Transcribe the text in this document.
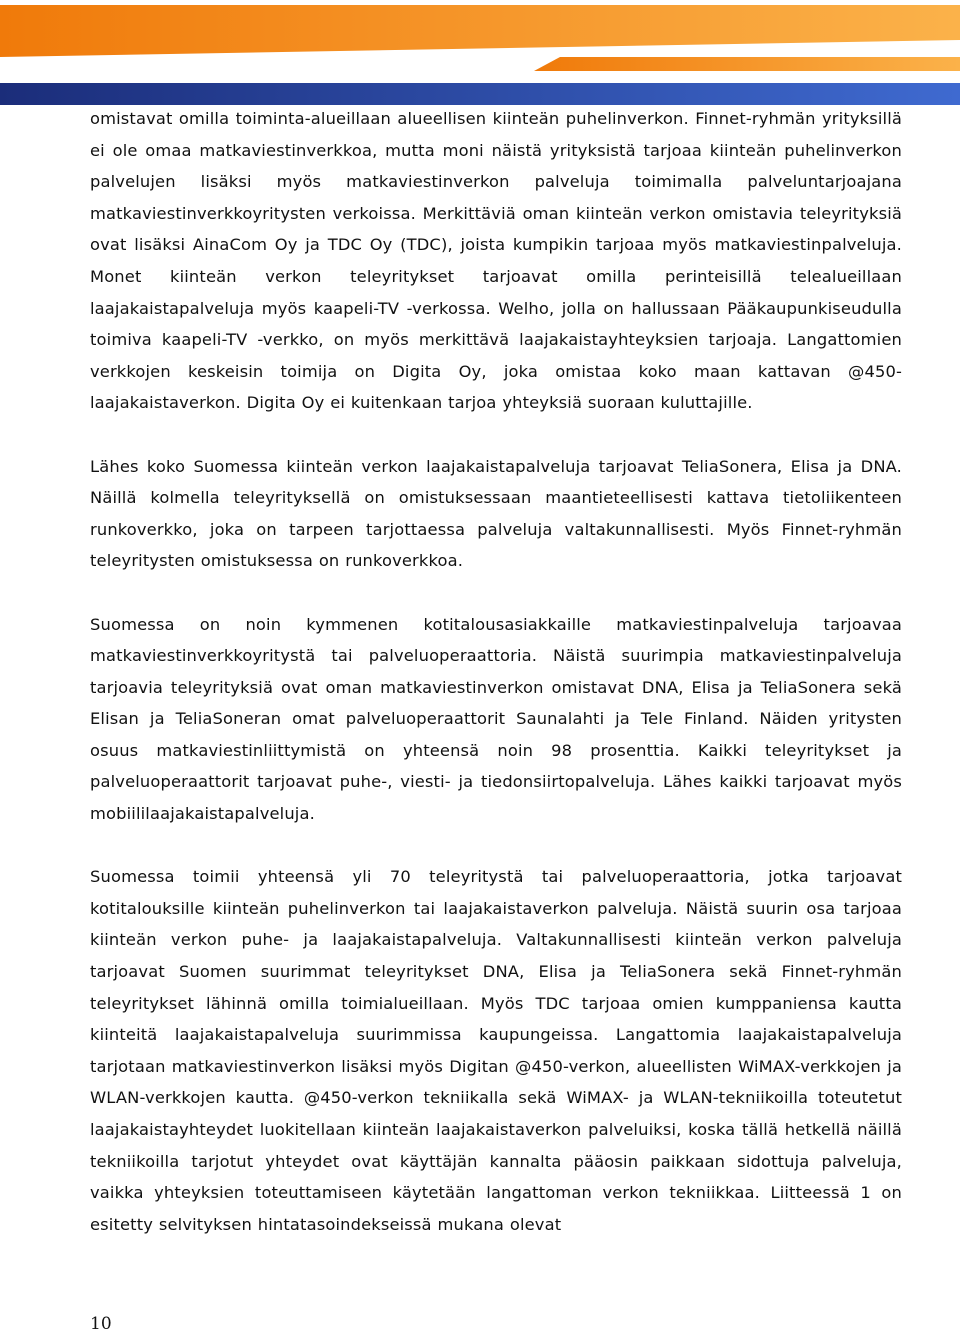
omistavat omilla toiminta-alueillaan alueellisen kiinteän puhelinverkon. Finnet-ryhmän yrityksillä ei ole omaa matkaviestinverkkoa, mutta moni näistä yrityksistä tarjoaa kiinteän puhelinverkon palvelujen lisäksi myös matkaviestinverkon palveluja toimimalla palveluntarjoajana matkaviestinverkkoyritysten verkoissa. Merkittäviä oman kiinteän verkon omistavia teleyrityksiä ovat lisäksi AinaCom Oy ja TDC Oy (TDC), joista kumpikin tarjoaa myös matkaviestinpalveluja. Monet kiinteän verkon teleyritykset tarjoavat omilla perinteisillä telealueillaan laajakaistapalveluja myös kaapeli-TV -verkossa. Welho, jolla on hallussaan Pääkaupunkiseudulla toimiva kaapeli-TV -verkko, on myös merkittävä laajakaistayhteyksien tarjoaja. Langattomien verkkojen keskeisin toimija on Digita Oy, joka omistaa koko maan kattavan @450-laajakaistaverkon. Digita Oy ei kuitenkaan tarjoa yhteyksiä suoraan kuluttajille.

Lähes koko Suomessa kiinteän verkon laajakaistapalveluja tarjoavat TeliaSonera, Elisa ja DNA. Näillä kolmella teleyrityksellä on omistuksessaan maantieteellisesti kattava tietoliikenteen runkoverkko, joka on tarpeen tarjottaessa palveluja valtakunnallisesti. Myös Finnet-ryhmän teleyritysten omistuksessa on runkoverkkoa.

Suomessa on noin kymmenen kotitalousasiakkaille matkaviestinpalveluja tarjoavaa matkaviestinverkkoyritystä tai palveluoperaattoria. Näistä suurimpia matkaviestinpalveluja tarjoavia teleyrityksiä ovat oman matkaviestinverkon omistavat DNA, Elisa ja TeliaSonera sekä Elisan ja TeliaSoneran omat palveluoperaattorit Saunalahti ja Tele Finland. Näiden yritysten osuus matkaviestinliittymistä on yhteensä noin 98 prosenttia. Kaikki teleyritykset ja palveluoperaattorit tarjoavat puhe-, viesti- ja tiedonsiirtopalveluja. Lähes kaikki tarjoavat myös mobiililaajakaistapalveluja.

Suomessa toimii yhteensä yli 70 teleyritystä tai palveluoperaattoria, jotka tarjoavat kotitalouksille kiinteän puhelinverkon tai laajakaistaverkon palveluja. Näistä suurin osa tarjoaa kiinteän verkon puhe- ja laajakaistapalveluja. Valtakunnallisesti kiinteän verkon palveluja tarjoavat Suomen suurimmat teleyritykset DNA, Elisa ja TeliaSonera sekä Finnet-ryhmän teleyritykset lähinnä omilla toimialueillaan. Myös TDC tarjoaa omien kumppaniensa kautta kiinteitä laajakaistapalveluja suurimmissa kaupungeissa. Langattomia laajakaistapalveluja tarjotaan matkaviestinverkon lisäksi myös Digitan @450-verkon, alueellisten WiMAX-verkkojen ja WLAN-verkkojen kautta. @450-verkon tekniikalla sekä WiMAX- ja WLAN-tekniikoilla toteutetut laajakaistayhteydet luokitellaan kiinteän laajakaistaverkon palveluiksi, koska tällä hetkellä näillä tekniikoilla tarjotut yhteydet ovat käyttäjän kannalta pääosin paikkaan sidottuja palveluja, vaikka yhteyksien toteuttamiseen käytetään langattoman verkon tekniikkaa. Liitteessä 1 on esitetty selvityksen hintatasoindekseissä mukana olevat

10
